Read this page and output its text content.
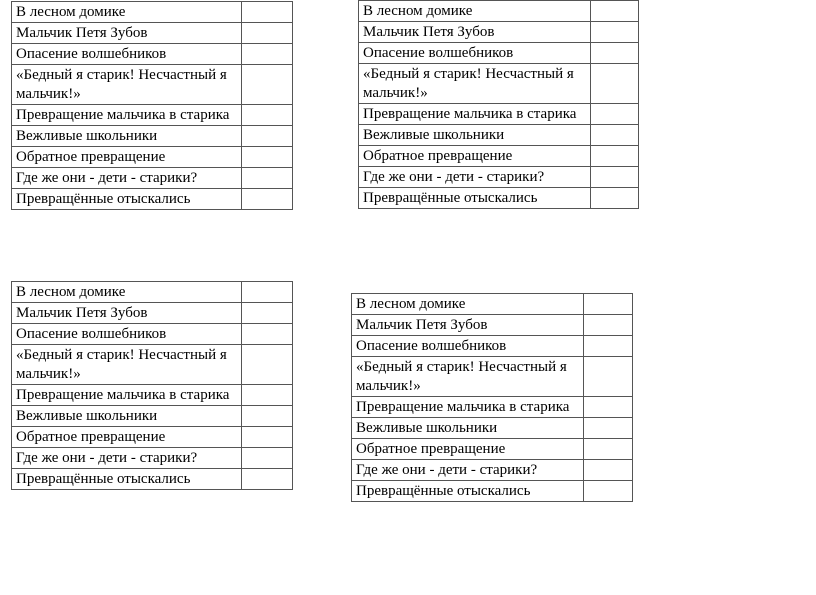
В лесном домике	
Мальчик Петя Зубов	
Опасение волшебников	
«Бедный я старик! Несчастный я мальчик!»	
Превращение мальчика в старика	
Вежливые школьники	
Обратное превращение	
Где же они - дети - старики?	
Превращённые отыскались	
В лесном домике	
Мальчик Петя Зубов	
Опасение волшебников	
«Бедный я старик! Несчастный я мальчик!»	
Превращение мальчика в старика	
Вежливые школьники	
Обратное превращение	
Где же они - дети - старики?	
Превращённые отыскались	
В лесном домике	
Мальчик Петя Зубов	
Опасение волшебников	
«Бедный я старик! Несчастный я мальчик!»	
Превращение мальчика в старика	
Вежливые школьники	
Обратное превращение	
Где же они - дети - старики?	
Превращённые отыскались	
В лесном домике	
Мальчик Петя Зубов	
Опасение волшебников	
«Бедный я старик! Несчастный я мальчик!»	
Превращение мальчика в старика	
Вежливые школьники	
Обратное превращение	
Где же они - дети - старики?	
Превращённые отыскались	
